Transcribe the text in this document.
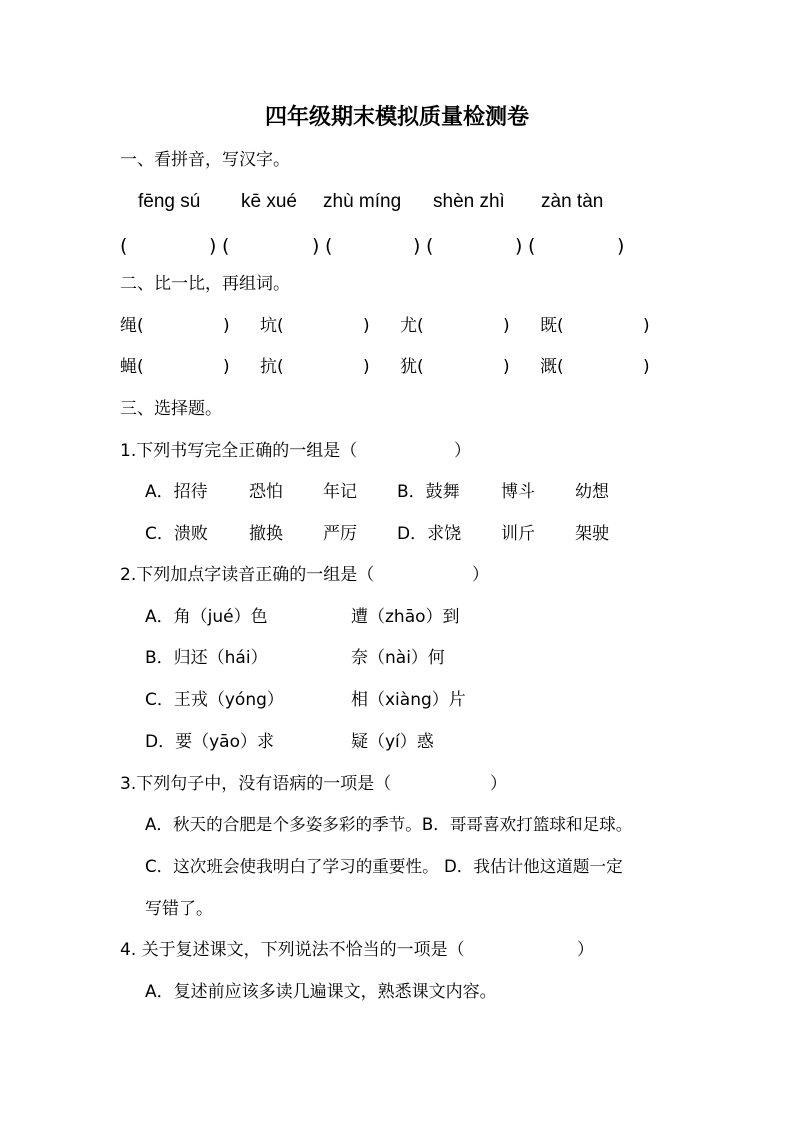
四年级期末模拟质量检测卷
一、看拼音，写汉字。
fēng sú kē xué zhù míng shèn zhì zàn tàn
(	) (	) (	) (	) (	)
二、比一比，再组词。
绳(	) 坑(	) 尤(	) 既(	)
蝇(	) 抗(	) 犹(	) 溉(	)
三、选择题。
1.下列书写完全正确的一组是（	）
A．招待 恐怕 年记 B．鼓舞 博斗 幼想
C．溃败 撤换 严厉 D．求饶 训斤 架驶
2.下列加点字读音正确的一组是（	）
A．角（jué）色	遭（zhāo）到
B．归还（hái）	奈（nài）何
C．王戎（yóng）	相（xiàng）片
D．要（yāo）求	疑（yí）惑
3.下列句子中，没有语病的一项是（	）
A．秋天的合肥是个多姿多彩的季节。B．哥哥喜欢打篮球和足球。
C．这次班会使我明白了学习的重要性。 D．我估计他这道题一定
写错了。
4. 关于复述课文，下列说法不恰当的一项是（	）
A．复述前应该多读几遍课文，熟悉课文内容。
